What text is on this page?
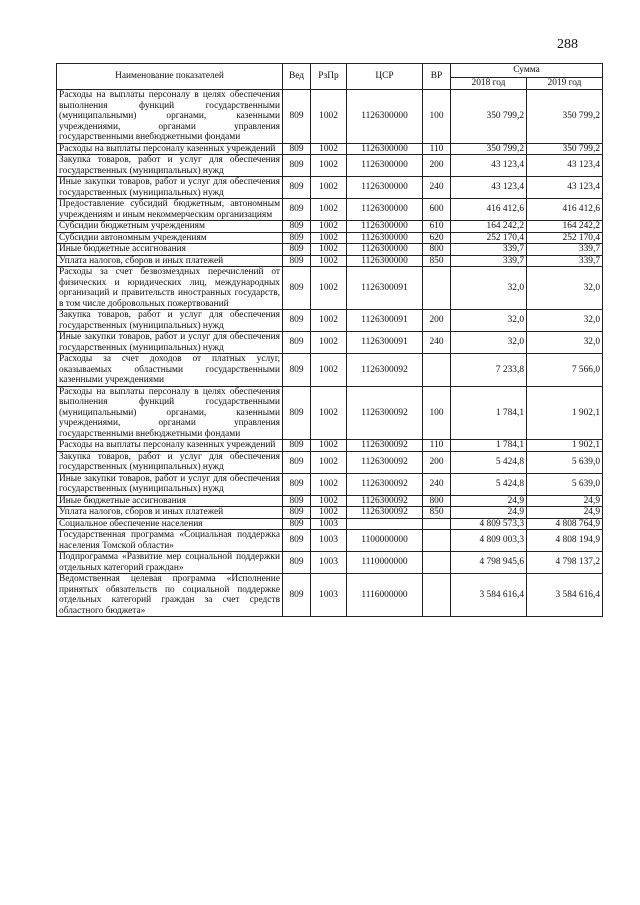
288
Наименование показателей	Вед	РзПр	ЦСР	ВР	Сумма	
					2018 год	2019 год
Расходы на выплаты персоналу в целях обеспечения выполнения функций государственными (муниципальными) органами, казенными учреждениями, органами управления государственными внебюджетными фондами	809	1002	1126300000	100	350 799,2	350 799,2
Расходы на выплаты персоналу казенных учреждений	809	1002	1126300000	110	350 799,2	350 799,2
Закупка товаров, работ и услуг для обеспечения государственных (муниципальных) нужд	809	1002	1126300000	200	43 123,4	43 123,4
Иные закупки товаров, работ и услуг для обеспечения государственных (муниципальных) нужд	809	1002	1126300000	240	43 123,4	43 123,4
Предоставление субсидий бюджетным, автономным учреждениям и иным некоммерческим организациям	809	1002	1126300000	600	416 412,6	416 412,6
Субсидии бюджетным учреждениям	809	1002	1126300000	610	164 242,2	164 242,2
Субсидии автономным учреждениям	809	1002	1126300000	620	252 170,4	252 170,4
Иные бюджетные ассигнования	809	1002	1126300000	800	339,7	339,7
Уплата налогов, сборов и иных платежей	809	1002	1126300000	850	339,7	339,7
Расходы за счет безвозмездных перечислений от физических и юридических лиц, международных организаций и правительств иностранных государств, в том числе добровольных пожертвований	809	1002	1126300091		32,0	32,0
Закупка товаров, работ и услуг для обеспечения государственных (муниципальных) нужд	809	1002	1126300091	200	32,0	32,0
Иные закупки товаров, работ и услуг для обеспечения государственных (муниципальных) нужд	809	1002	1126300091	240	32,0	32,0
Расходы за счет доходов от платных услуг, оказываемых областными государственными казенными учреждениями	809	1002	1126300092		7 233,8	7 566,0
Расходы на выплаты персоналу в целях обеспечения выполнения функций государственными (муниципальными) органами, казенными учреждениями, органами управления государственными внебюджетными фондами	809	1002	1126300092	100	1 784,1	1 902,1
Расходы на выплаты персоналу казенных учреждений	809	1002	1126300092	110	1 784,1	1 902,1
Закупка товаров, работ и услуг для обеспечения государственных (муниципальных) нужд	809	1002	1126300092	200	5 424,8	5 639,0
Иные закупки товаров, работ и услуг для обеспечения государственных (муниципальных) нужд	809	1002	1126300092	240	5 424,8	5 639,0
Иные бюджетные ассигнования	809	1002	1126300092	800	24,9	24,9
Уплата налогов, сборов и иных платежей	809	1002	1126300092	850	24,9	24,9
Социальное обеспечение населения	809	1003			4 809 573,3	4 808 764,9
Государственная программа «Социальная поддержка населения Томской области»	809	1003	1100000000		4 809 003,3	4 808 194,9
Подпрограмма «Развитие мер социальной поддержки отдельных категорий граждан»	809	1003	1110000000		4 798 945,6	4 798 137,2
Ведомственная целевая программа «Исполнение принятых обязательств по социальной поддержке отдельных категорий граждан за счет средств областного бюджета»	809	1003	1116000000		3 584 616,4	3 584 616,4
